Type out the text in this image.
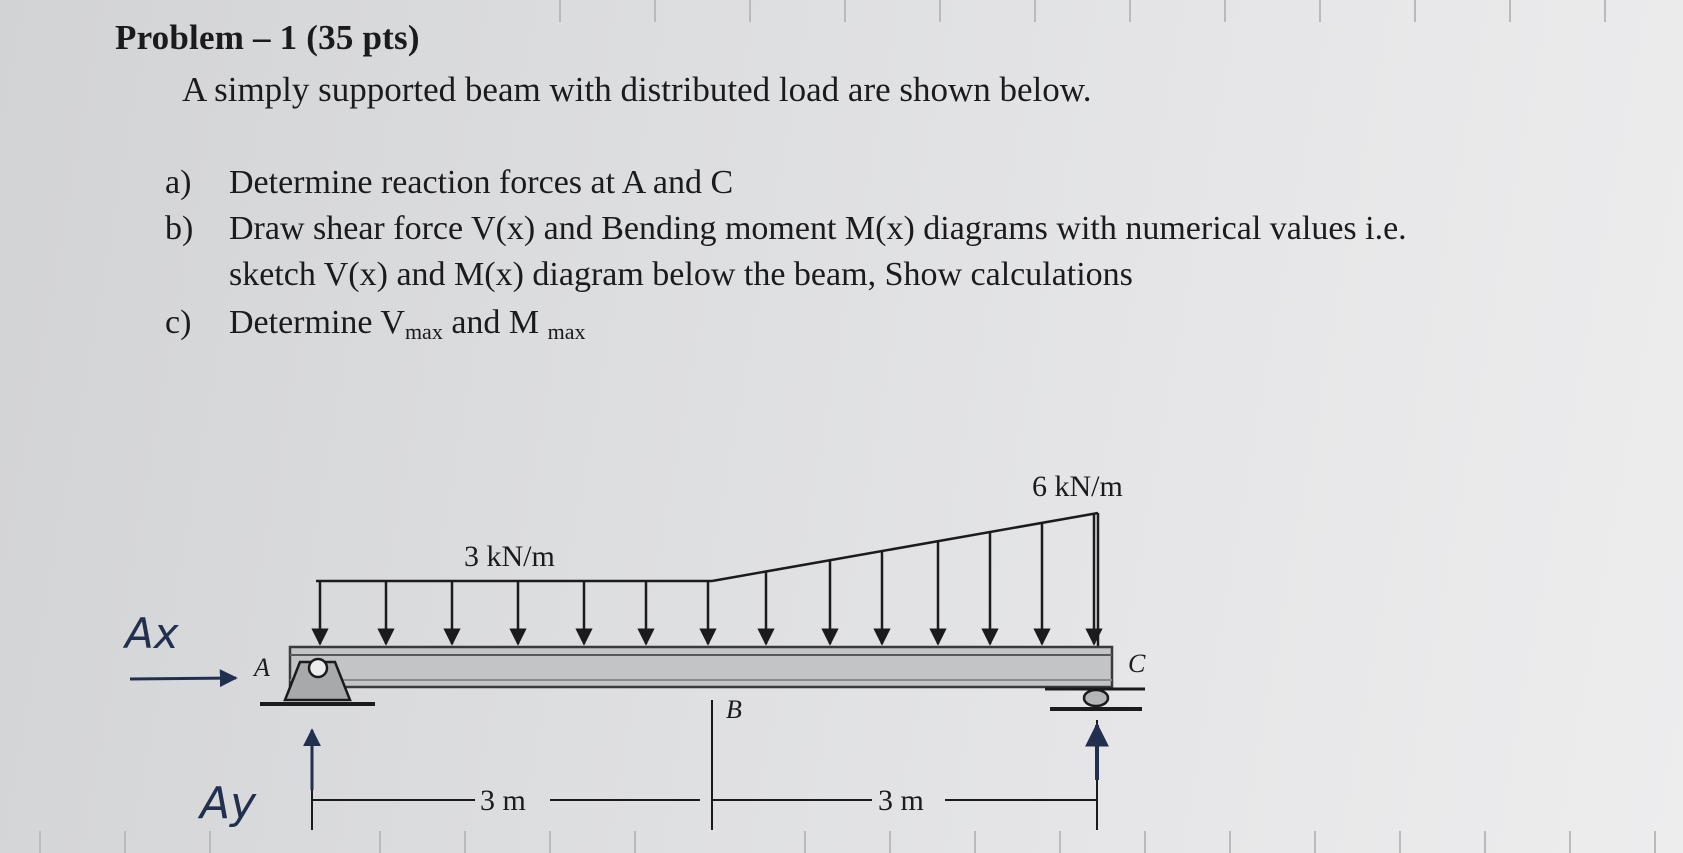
Problem – 1 (35 pts)
A simply supported beam with distributed load are shown below.
a) Determine reaction forces at A and C
b) Draw shear force V(x) and Bending moment M(x) diagrams with numerical values i.e.
sketch V(x) and M(x) diagram below the beam, Show calculations
c) Determine $V_{max}$ and M $_{max}$
3 kN/m
6 kN/m
A
B
C
3 m	3 m
Ax
Ay
